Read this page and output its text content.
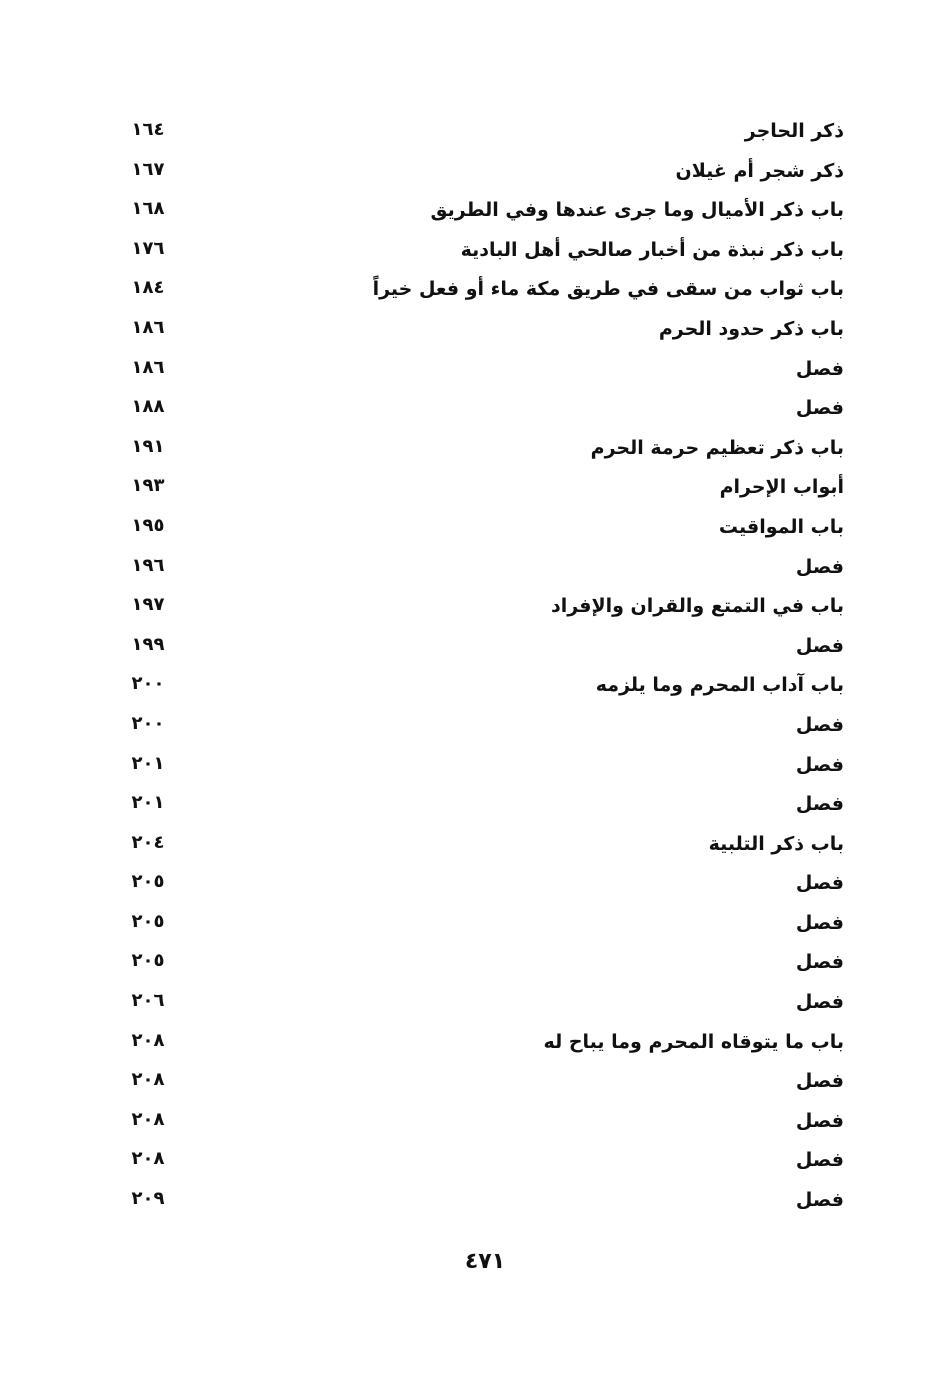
ذكر الحاجر
١٦٤
ذكر شجر أم غيلان
١٦٧
باب ذكر الأميال وما جرى عندها وفي الطريق
١٦٨
باب ذكر نبذة من أخبار صالحي أهل البادية
١٧٦
باب ثواب من سقى في طريق مكة ماء أو فعل خيراً
١٨٤
باب ذكر حدود الحرم
١٨٦
فصل
١٨٦
فصل
١٨٨
باب ذكر تعظيم حرمة الحرم
١٩١
أبواب الإحرام
١٩٣
باب المواقيت
١٩٥
فصل
١٩٦
باب في التمتع والقران والإفراد
١٩٧
فصل
١٩٩
باب آداب المحرم وما يلزمه
٢٠٠
فصل
٢٠٠
فصل
٢٠١
فصل
٢٠١
باب ذكر التلبية
٢٠٤
فصل
٢٠٥
فصل
٢٠٥
فصل
٢٠٥
فصل
٢٠٦
باب ما يتوقاه المحرم وما يباح له
٢٠٨
فصل
٢٠٨
فصل
٢٠٨
فصل
٢٠٨
فصل
٢٠٩
٤٧١
